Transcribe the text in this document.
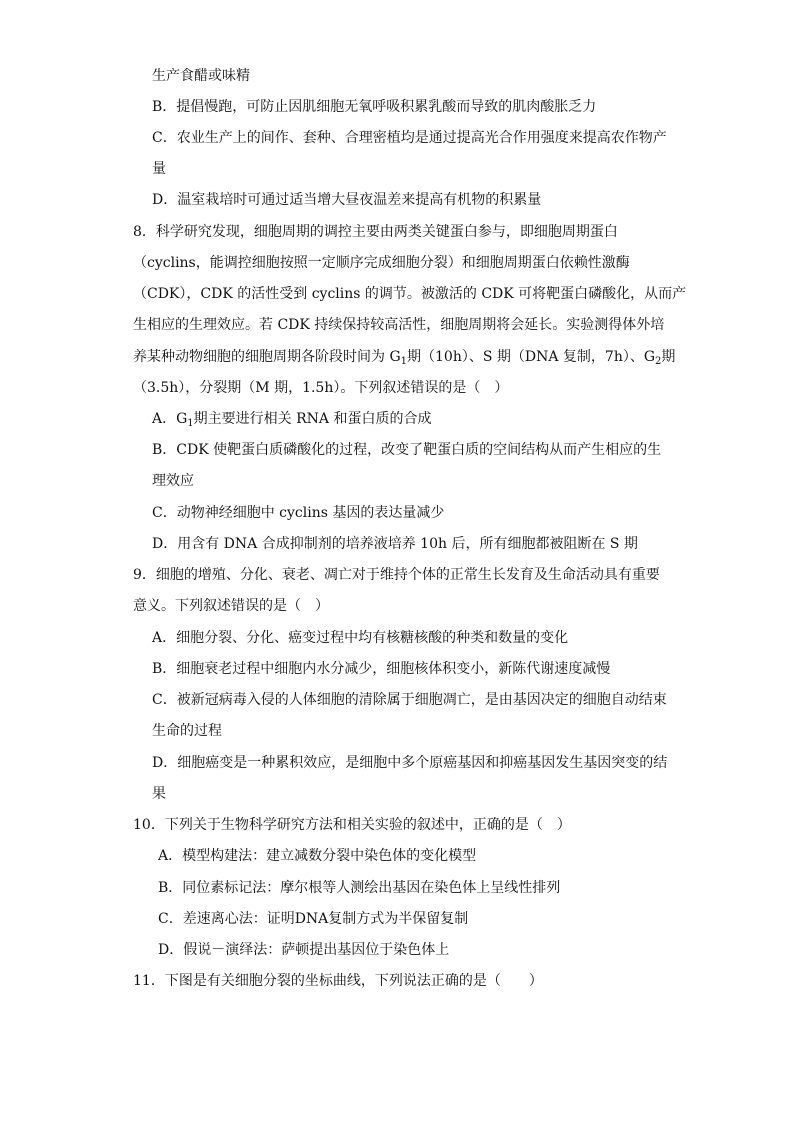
生产食醋或味精
B．提倡慢跑，可防止因肌细胞无氧呼吸积累乳酸而导致的肌肉酸胀乏力
C．农业生产上的间作、套种、合理密植均是通过提高光合作用强度来提高农作物产
量
D．温室栽培时可通过适当增大昼夜温差来提高有机物的积累量
8．科学研究发现，细胞周期的调控主要由两类关键蛋白参与，即细胞周期蛋白
（cyclins，能调控细胞按照一定顺序完成细胞分裂）和细胞周期蛋白依赖性激酶
（CDK），CDK 的活性受到 cyclins 的调节。被激活的 CDK 可将靶蛋白磷酸化，从而产
生相应的生理效应。若 CDK 持续保持较高活性，细胞周期将会延长。实验测得体外培
养某种动物细胞的细胞周期各阶段时间为 $G_1$期（10h）、S 期（DNA 复制，7h）、$G_2$期
（3.5h），分裂期（M 期，1.5h）。下列叙述错误的是（　）
A．$G_1$期主要进行相关 RNA 和蛋白质的合成
B．CDK 使靶蛋白质磷酸化的过程，改变了靶蛋白质的空间结构从而产生相应的生
理效应
C．动物神经细胞中 cyclins 基因的表达量减少
D．用含有 DNA 合成抑制剂的培养液培养 10h 后，所有细胞都被阻断在 S 期
9．细胞的增殖、分化、衰老、凋亡对于维持个体的正常生长发育及生命活动具有重要
意义。下列叙述错误的是（　）
A．细胞分裂、分化、癌变过程中均有核糖核酸的种类和数量的变化
B．细胞衰老过程中细胞内水分减少，细胞核体积变小，新陈代谢速度减慢
C．被新冠病毒入侵的人体细胞的清除属于细胞凋亡，是由基因决定的细胞自动结束
生命的过程
D．细胞癌变是一种累积效应，是细胞中多个原癌基因和抑癌基因发生基因突变的结
果
10．下列关于生物科学研究方法和相关实验的叙述中，正确的是（　）
A．模型构建法：建立减数分裂中染色体的变化模型
B．同位素标记法：摩尔根等人测绘出基因在染色体上呈线性排列
C．差速离心法：证明DNA复制方式为半保留复制
D．假说－演绎法：萨顿提出基因位于染色体上
11．下图是有关细胞分裂的坐标曲线，下列说法正确的是（　　）
